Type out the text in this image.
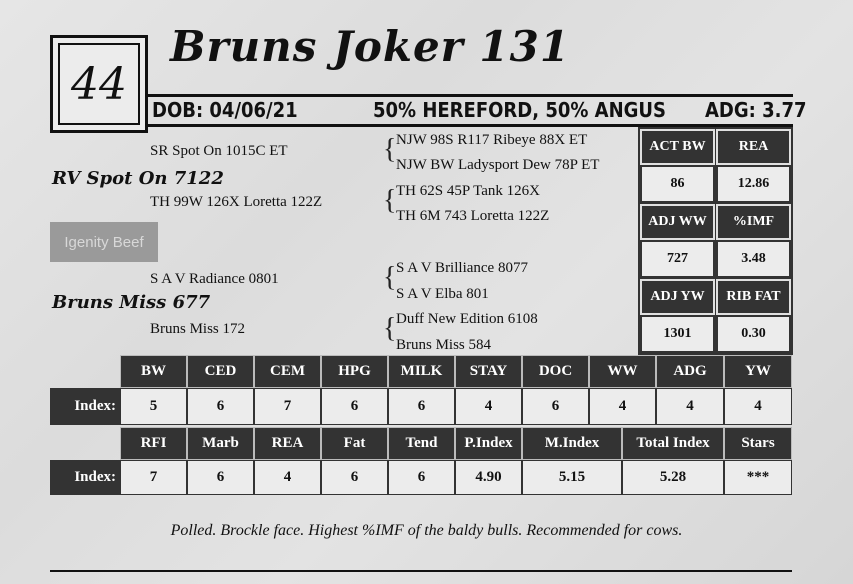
44
Bruns Joker 131
DOB: 04/06/21	50% HEREFORD, 50% ANGUS ADG: 3.77
SR Spot On 1015C ET
RV Spot On 7122
TH 99W 126X Loretta 122Z
Igenity Beef
S A V Radiance 0801
Bruns Miss 677
Bruns Miss 172
{ NJW 98S R117 Ribeye 88X ET
NJW BW Ladysport Dew 78P ET
{ TH 62S 45P Tank 126X
TH 6M 743 Loretta 122Z
{ S A V Brilliance 8077
S A V Elba 801
{ Duff New Edition 6108
Bruns Miss 584
ACT BW	REA
86	12.86
ADJ WW	%IMF
727	3.48
ADJ YW	RIB FAT
1301	0.30
BW	CED	CEM	HPG	MILK	STAY	DOC	WW	ADG	YW
Index:	5	6	7	6	6	4	6	4	4	4
RFI	Marb	REA	Fat	Tend	P.Index	M.Index	Total Index	Stars
Index:	7	6	4	6	6	4.90	5.15	5.28	***
Polled. Brockle face. Highest %IMF of the baldy bulls. Recommended for cows.
